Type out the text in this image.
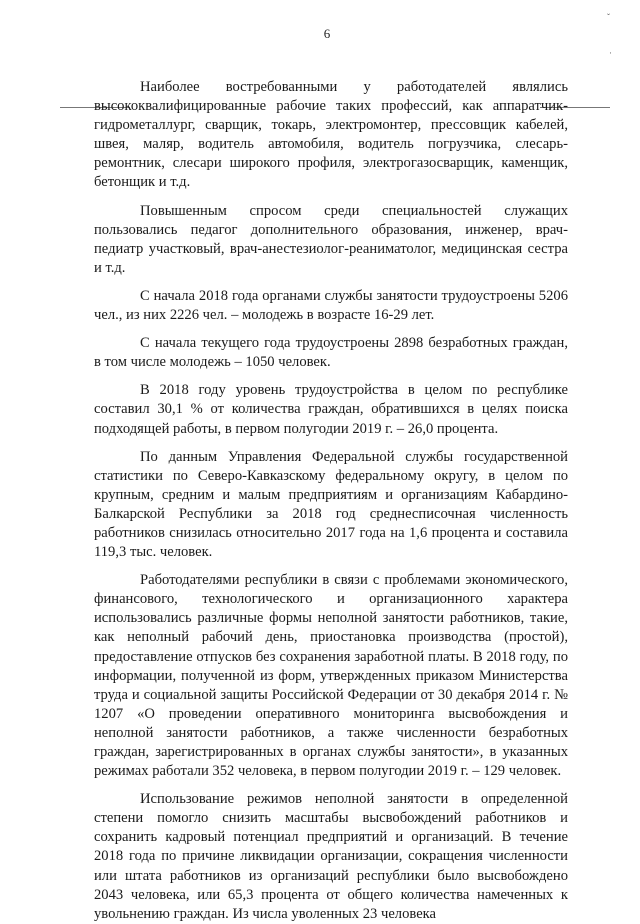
6
ˇ
·

Наиболее востребованными у работодателей являлись высококвалифицированные рабочие таких профессий, как аппаратчик-гидрометаллург, сварщик, токарь, электромонтер, прессовщик кабелей, швея, маляр, водитель автомобиля, водитель погрузчика, слесарь-ремонтник, слесари широкого профиля, электрогазосварщик, каменщик, бетонщик и т.д.

Повышенным спросом среди специальностей служащих пользовались педагог дополнительного образования, инженер, врач-педиатр участковый, врач-анестезиолог-реаниматолог, медицинская сестра и т.д.

С начала 2018 года органами службы занятости трудоустроены 5206 чел., из них 2226 чел. – молодежь в возрасте 16-29 лет.

С начала текущего года трудоустроены 2898 безработных граждан, в том числе молодежь – 1050 человек.

В 2018 году уровень трудоустройства в целом по республике составил 30,1 % от количества граждан, обратившихся в целях поиска подходящей работы, в первом полугодии 2019 г. – 26,0 процента.

По данным Управления Федеральной службы государственной статистики по Северо-Кавказскому федеральному округу, в целом по крупным, средним и малым предприятиям и организациям Кабардино-Балкарской Республики за 2018 год среднесписочная численность работников снизилась относительно 2017 года на 1,6 процента и составила 119,3 тыс. человек.

Работодателями республики в связи с проблемами экономического, финансового, технологического и организационного характера использовались различные формы неполной занятости работников, такие, как неполный рабочий день, приостановка производства (простой), предоставление отпусков без сохранения заработной платы. В 2018 году, по информации, полученной из форм, утвержденных приказом Министерства труда и социальной защиты Российской Федерации от 30 декабря 2014 г. № 1207 «О проведении оперативного мониторинга высвобождения и неполной занятости работников, а также численности безработных граждан, зарегистрированных в органах службы занятости», в указанных режимах работали 352 человека, в первом полугодии 2019 г. – 129 человек.

Использование режимов неполной занятости в определенной степени помогло снизить масштабы высвобождений работников и сохранить кадровый потенциал предприятий и организаций. В течение 2018 года по причине ликвидации организации, сокращения численности или штата работников из организаций республики было высвобождено 2043 человека, или 65,3 процента от общего количества намеченных к увольнению граждан. Из числа уволенных 23 человека
